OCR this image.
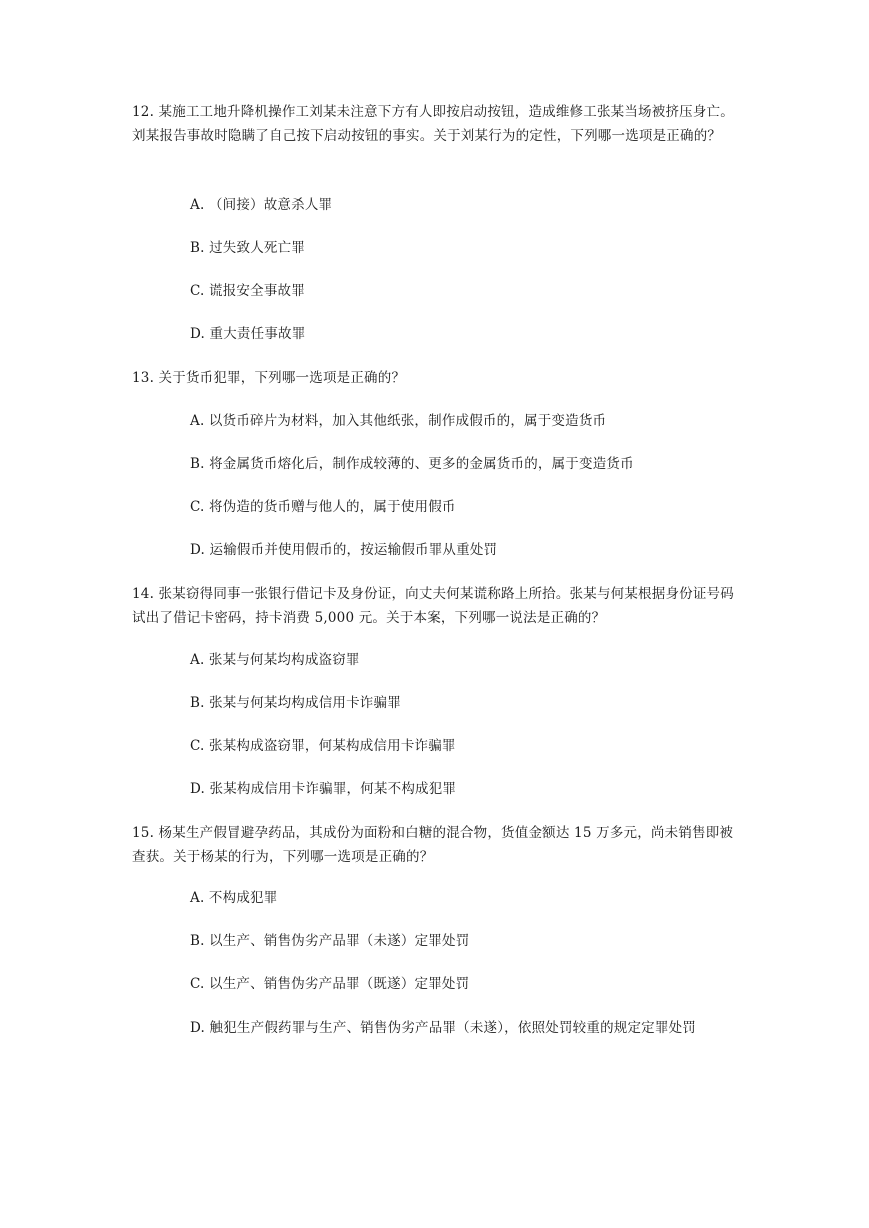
12. 某施工工地升降机操作工刘某未注意下方有人即按启动按钮，造成维修工张某当场被挤压身亡。刘某报告事故时隐瞒了自己按下启动按钮的事实。关于刘某行为的定性，下列哪一选项是正确的？
A. （间接）故意杀人罪
B. 过失致人死亡罪
C. 谎报安全事故罪
D. 重大责任事故罪
13. 关于货币犯罪，下列哪一选项是正确的？
A. 以货币碎片为材料，加入其他纸张，制作成假币的，属于变造货币
B. 将金属货币熔化后，制作成较薄的、更多的金属货币的，属于变造货币
C. 将伪造的货币赠与他人的，属于使用假币
D. 运输假币并使用假币的，按运输假币罪从重处罚
14. 张某窃得同事一张银行借记卡及身份证，向丈夫何某谎称路上所拾。张某与何某根据身份证号码试出了借记卡密码，持卡消费 5,000 元。关于本案，下列哪一说法是正确的？
A. 张某与何某均构成盗窃罪
B. 张某与何某均构成信用卡诈骗罪
C. 张某构成盗窃罪，何某构成信用卡诈骗罪
D. 张某构成信用卡诈骗罪，何某不构成犯罪
15. 杨某生产假冒避孕药品，其成份为面粉和白糖的混合物，货值金额达 15 万多元，尚未销售即被查获。关于杨某的行为，下列哪一选项是正确的？
A. 不构成犯罪
B. 以生产、销售伪劣产品罪（未遂）定罪处罚
C. 以生产、销售伪劣产品罪（既遂）定罪处罚
D. 触犯生产假药罪与生产、销售伪劣产品罪（未遂），依照处罚较重的规定定罪处罚
